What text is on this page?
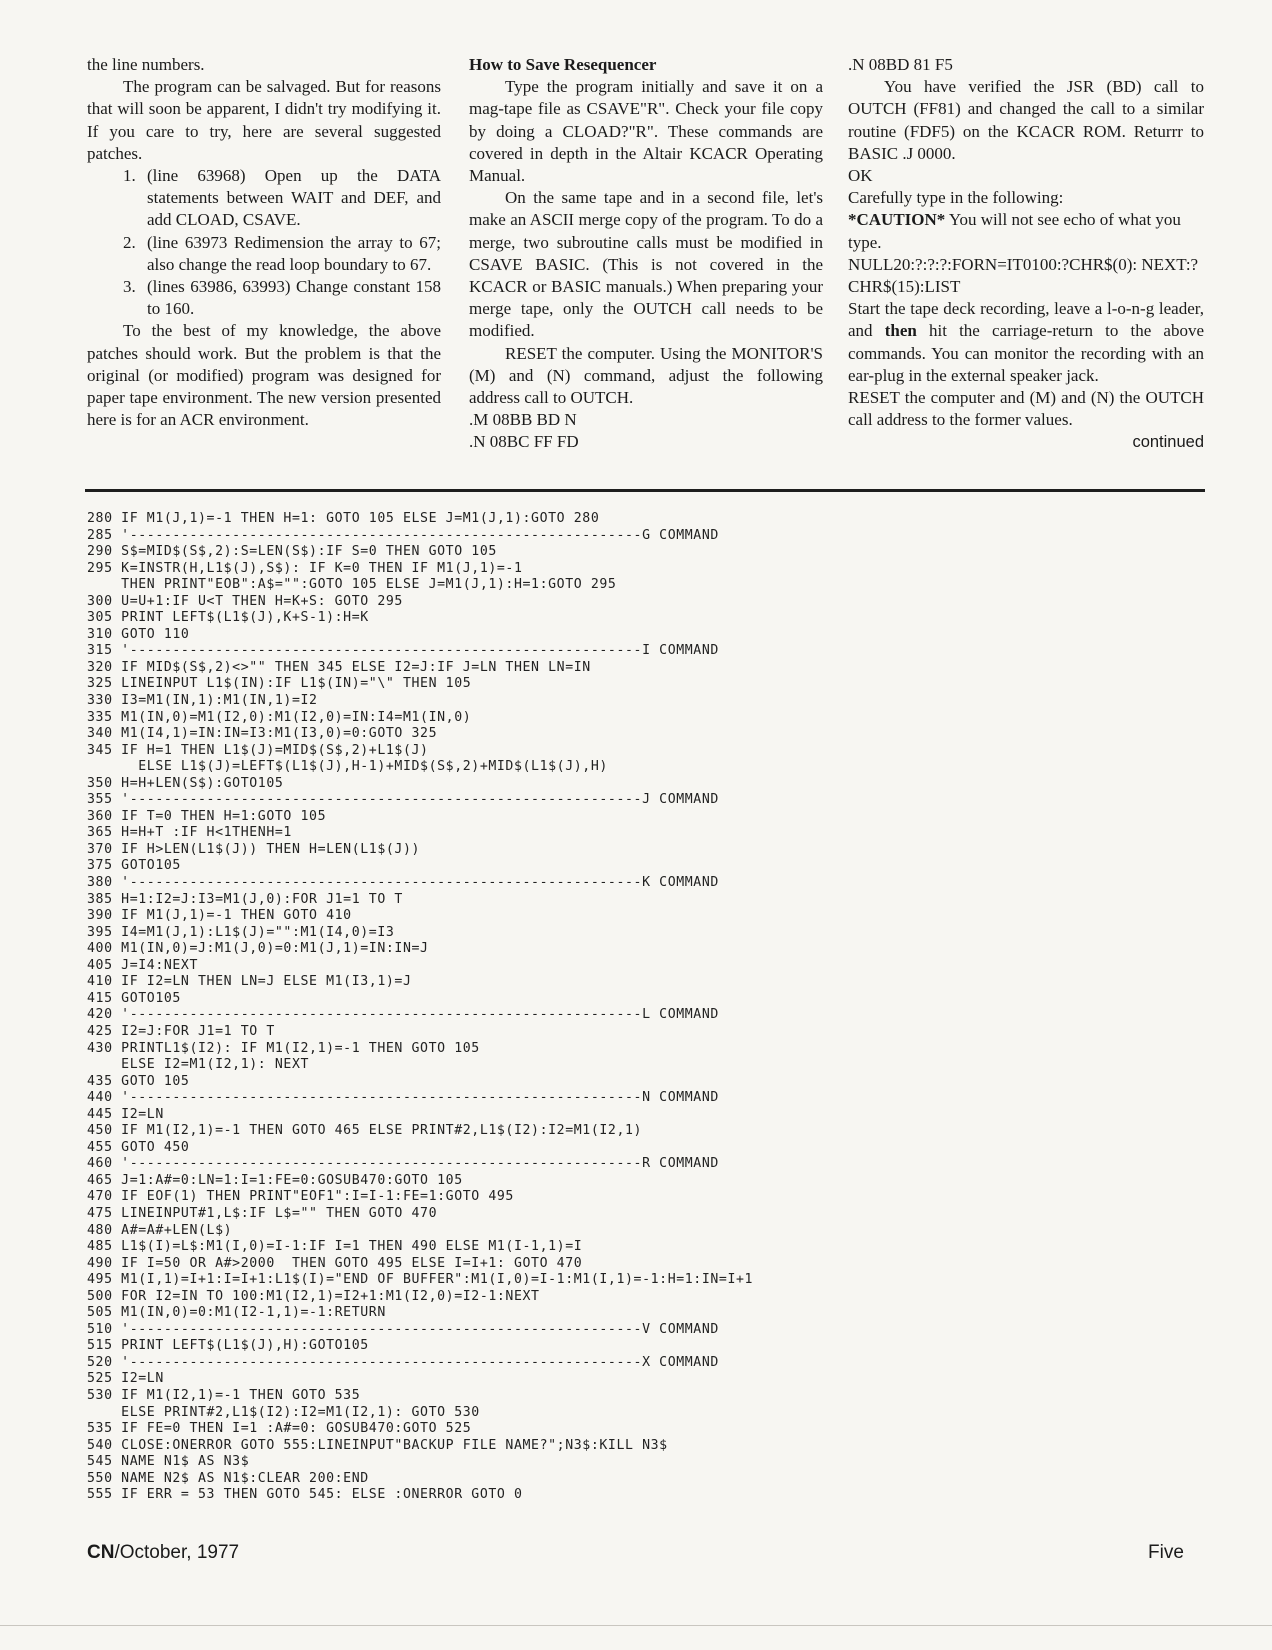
the line numbers.

The program can be salvaged. But for reasons that will soon be apparent, I didn't try modifying it. If you care to try, here are several suggested patches.

1. (line 63968) Open up the DATA statements between WAIT and DEF, and add CLOAD, CSAVE.
2. (line 63973 Redimension the array to 67; also change the read loop boundary to 67.
3. (lines 63986, 63993) Change constant 158 to 160.

To the best of my knowledge, the above patches should work. But the problem is that the original (or modified) program was designed for paper tape environment. The new version presented here is for an ACR environment.

How to Save Resequencer

Type the program initially and save it on a mag-tape file as CSAVE"R". Check your file copy by doing a CLOAD?"R". These commands are covered in depth in the Altair KCACR Operating Manual.

On the same tape and in a second file, let's make an ASCII merge copy of the program. To do a merge, two subroutine calls must be modified in CSAVE BASIC. (This is not covered in the KCACR or BASIC manuals.) When preparing your merge tape, only the OUTCH call needs to be modified.

RESET the computer. Using the MONITOR'S (M) and (N) command, adjust the following address call to OUTCH.

.M 08BB BD N

.N 08BC FF FD

.N 08BD 81 F5

You have verified the JSR (BD) call to OUTCH (FF81) and changed the call to a similar routine (FDF5) on the KCACR ROM. Returrr to BASIC .J 0000.

OK

Carefully type in the following:

*CAUTION* You will not see echo of what you type.

NULL20:?:?:?:FORN=IT0100:?CHR$(0): NEXT:?CHR$(15):LIST

Start the tape deck recording, leave a l-o-n-g leader, and then hit the carriage-return to the above commands. You can monitor the recording with an ear-plug in the external speaker jack.

RESET the computer and (M) and (N) the OUTCH call address to the former values.

continued

280 IF M1(J,1)=-1 THEN H=1: GOTO 105 ELSE J=M1(J,1):GOTO 280
285 '------------------------------------------------------------G COMMAND
290 S$=MID$(S$,2):S=LEN(S$):IF S=0 THEN GOTO 105
295 K=INSTR(H,L1$(J),S$): IF K=0 THEN IF M1(J,1)=-1
THEN PRINT"EOB":A$="":GOTO 105 ELSE J=M1(J,1):H=1:GOTO 295
300 U=U+1:IF U<T THEN H=K+S: GOTO 295
305 PRINT LEFT$(L1$(J),K+S-1):H=K
310 GOTO 110
315 '------------------------------------------------------------I COMMAND
320 IF MID$(S$,2)<>"" THEN 345 ELSE I2=J:IF J=LN THEN LN=IN
325 LINEINPUT L1$(IN):IF L1$(IN)="\" THEN 105
330 I3=M1(IN,1):M1(IN,1)=I2
335 M1(IN,0)=M1(I2,0):M1(I2,0)=IN:I4=M1(IN,0)
340 M1(I4,1)=IN:IN=I3:M1(I3,0)=0:GOTO 325
345 IF H=1 THEN L1$(J)=MID$(S$,2)+L1$(J)
ELSE L1$(J)=LEFT$(L1$(J),H-1)+MID$(S$,2)+MID$(L1$(J),H)
350 H=H+LEN(S$):GOTO105
355 '------------------------------------------------------------J COMMAND
360 IF T=0 THEN H=1:GOTO 105
365 H=H+T :IF H<1THENH=1
370 IF H>LEN(L1$(J)) THEN H=LEN(L1$(J))
375 GOTO105
380 '------------------------------------------------------------K COMMAND
385 H=1:I2=J:I3=M1(J,0):FOR J1=1 TO T
390 IF M1(J,1)=-1 THEN GOTO 410
395 I4=M1(J,1):L1$(J)="":M1(I4,0)=I3
400 M1(IN,0)=J:M1(J,0)=0:M1(J,1)=IN:IN=J
405 J=I4:NEXT
410 IF I2=LN THEN LN=J ELSE M1(I3,1)=J
415 GOTO105
420 '------------------------------------------------------------L COMMAND
425 I2=J:FOR J1=1 TO T
430 PRINTL1$(I2): IF M1(I2,1)=-1 THEN GOTO 105
ELSE I2=M1(I2,1): NEXT
435 GOTO 105
440 '------------------------------------------------------------N COMMAND
445 I2=LN
450 IF M1(I2,1)=-1 THEN GOTO 465 ELSE PRINT#2,L1$(I2):I2=M1(I2,1)
455 GOTO 450
460 '------------------------------------------------------------R COMMAND
465 J=1:A#=0:LN=1:I=1:FE=0:GOSUB470:GOTO 105
470 IF EOF(1) THEN PRINT"EOF1":I=I-1:FE=1:GOTO 495
475 LINEINPUT#1,L$:IF L$="" THEN GOTO 470
480 A#=A#+LEN(L$)
485 L1$(I)=L$:M1(I,0)=I-1:IF I=1 THEN 490 ELSE M1(I-1,1)=I
490 IF I=50 OR A#>2000  THEN GOTO 495 ELSE I=I+1: GOTO 470
495 M1(I,1)=I+1:I=I+1:L1$(I)="END OF BUFFER":M1(I,0)=I-1:M1(I,1)=-1:H=1:IN=I+1
500 FOR I2=IN TO 100:M1(I2,1)=I2+1:M1(I2,0)=I2-1:NEXT
505 M1(IN,0)=0:M1(I2-1,1)=-1:RETURN
510 '------------------------------------------------------------V COMMAND
515 PRINT LEFT$(L1$(J),H):GOTO105
520 '------------------------------------------------------------X COMMAND
525 I2=LN
530 IF M1(I2,1)=-1 THEN GOTO 535
ELSE PRINT#2,L1$(I2):I2=M1(I2,1): GOTO 530
535 IF FE=0 THEN I=1 :A#=0: GOSUB470:GOTO 525
540 CLOSE:ONERROR GOTO 555:LINEINPUT"BACKUP FILE NAME?";N3$:KILL N3$
545 NAME N1$ AS N3$
550 NAME N2$ AS N1$:CLEAR 200:END
555 IF ERR = 53 THEN GOTO 545: ELSE :ONERROR GOTO 0
CN/October, 1977	Five
